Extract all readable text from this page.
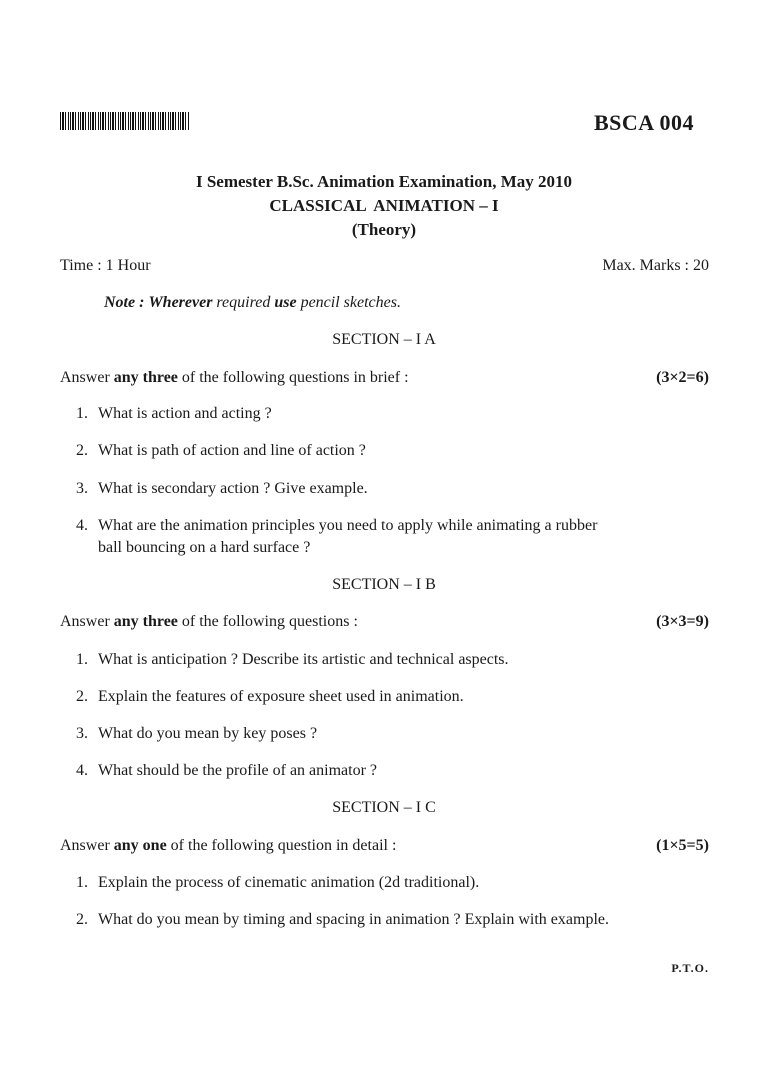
BSCA 004
I Semester B.Sc. Animation Examination, May 2010
CLASSICAL  ANIMATION – I
(Theory)
Time : 1 Hour	Max. Marks : 20
Note : Wherever required use pencil sketches.
SECTION – I A
Answer any three of the following questions in brief :	(3×2=6)
1. What is action and acting ?
2. What is path of action and line of action ?
3. What is secondary action ? Give example.
4. What are the animation principles you need to apply while animating a rubber
ball bouncing on a hard surface ?
SECTION – I B
Answer any three of the following questions :	(3×3=9)
1. What is anticipation ? Describe its artistic and technical aspects.
2. Explain the features of exposure sheet used in animation.
3. What do you mean by key poses ?
4. What should be the profile of an animator ?
SECTION – I C
Answer any one of the following question in detail :	(1×5=5)
1. Explain the process of cinematic animation (2d traditional).
2. What do you mean by timing and spacing in animation ? Explain with example.
P.T.O.
